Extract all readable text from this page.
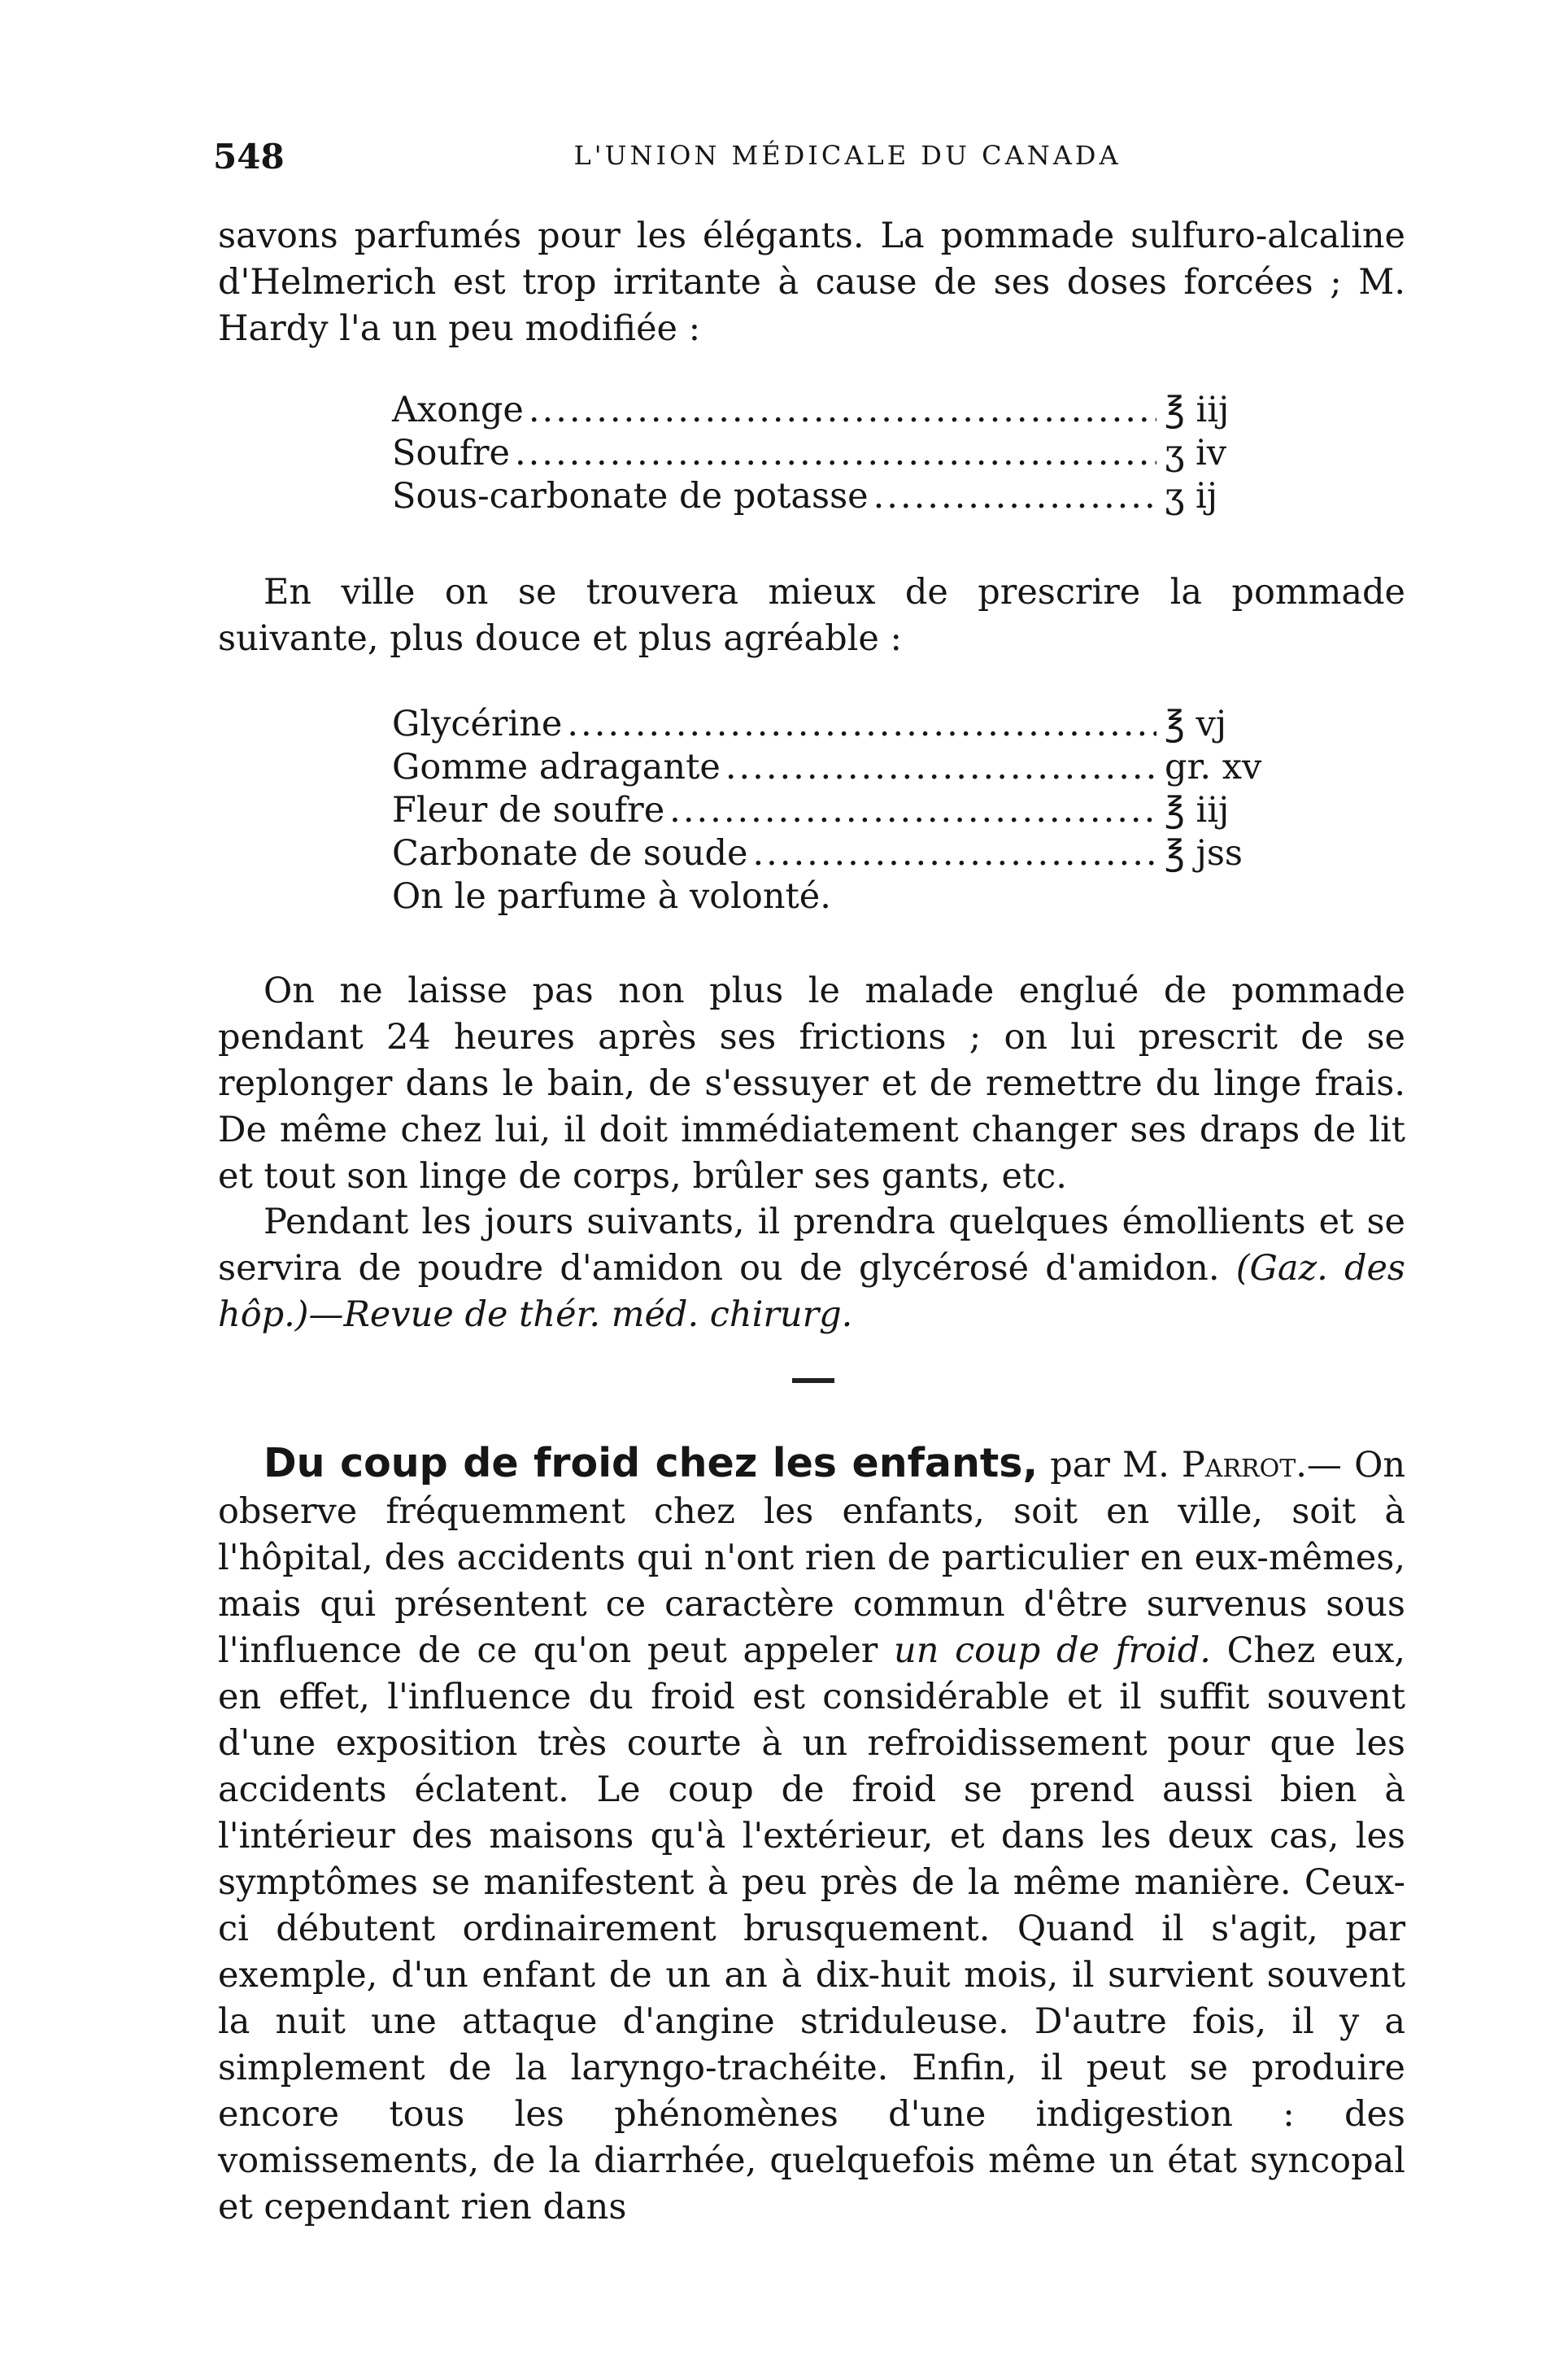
548	L'UNION MÉDICALE DU CANADA
savons parfumés pour les élégants. La pommade sulfuro-alcaline d'Helmerich est trop irritante à cause de ses doses forcées ; M. Hardy l'a un peu modifiée :
Axonge .....	℥ iij
Soufre .....	ʒ iv
Sous-carbonate de potasse .....	ʒ ij
En ville on se trouvera mieux de prescrire la pommade suivante, plus douce et plus agréable :
Glycérine .....	℥ vj
Gomme adragante .....	gr. xv
Fleur de soufre .....	℥ iij
Carbonate de soude .....	℥ jss
On le parfume à volonté.
On ne laisse pas non plus le malade englué de pommade pendant 24 heures après ses frictions ; on lui prescrit de se replonger dans le bain, de s'essuyer et de remettre du linge frais. De même chez lui, il doit immédiatement changer ses draps de lit et tout son linge de corps, brûler ses gants, etc.
Pendant les jours suivants, il prendra quelques émollients et se servira de poudre d'amidon ou de glycérosé d'amidon. (Gaz. des hôp.)—Revue de thér. méd. chirurg.
Du coup de froid chez les enfants, par M. Parrot.— On observe fréquemment chez les enfants, soit en ville, soit à l'hôpital, des accidents qui n'ont rien de particulier en eux-mêmes, mais qui présentent ce caractère commun d'être survenus sous l'influence de ce qu'on peut appeler un coup de froid. Chez eux, en effet, l'influence du froid est considérable et il suffit souvent d'une exposition très courte à un refroidissement pour que les accidents éclatent. Le coup de froid se prend aussi bien à l'intérieur des maisons qu'à l'extérieur, et dans les deux cas, les symptômes se manifestent à peu près de la même manière. Ceux-ci débutent ordinairement brusquement. Quand il s'agit, par exemple, d'un enfant de un an à dix-huit mois, il survient souvent la nuit une attaque d'angine striduleuse. D'autre fois, il y a simplement de la laryngo-trachéite. Enfin, il peut se produire encore tous les phénomènes d'une indigestion : des vomissements, de la diarrhée, quelquefois même un état syncopal et cependant rien dans
